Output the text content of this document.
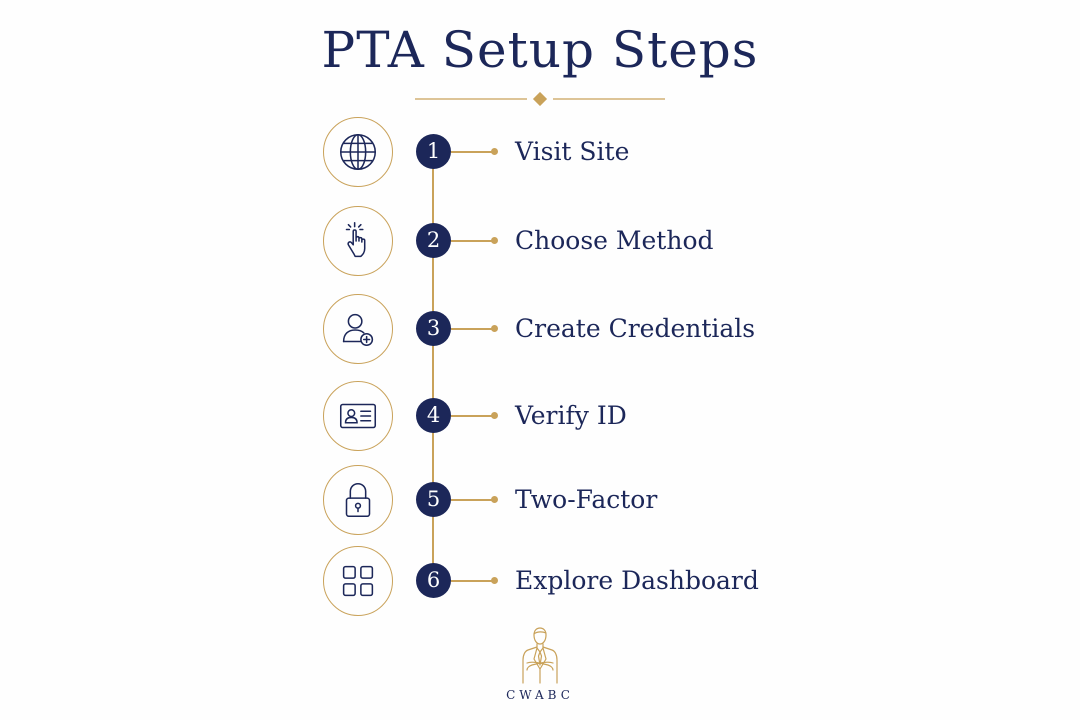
PTA Setup Steps
1	Visit Site
2	Choose Method
3	Create Credentials
4	Verify ID
5	Two-Factor
6	Explore Dashboard
CWABC
